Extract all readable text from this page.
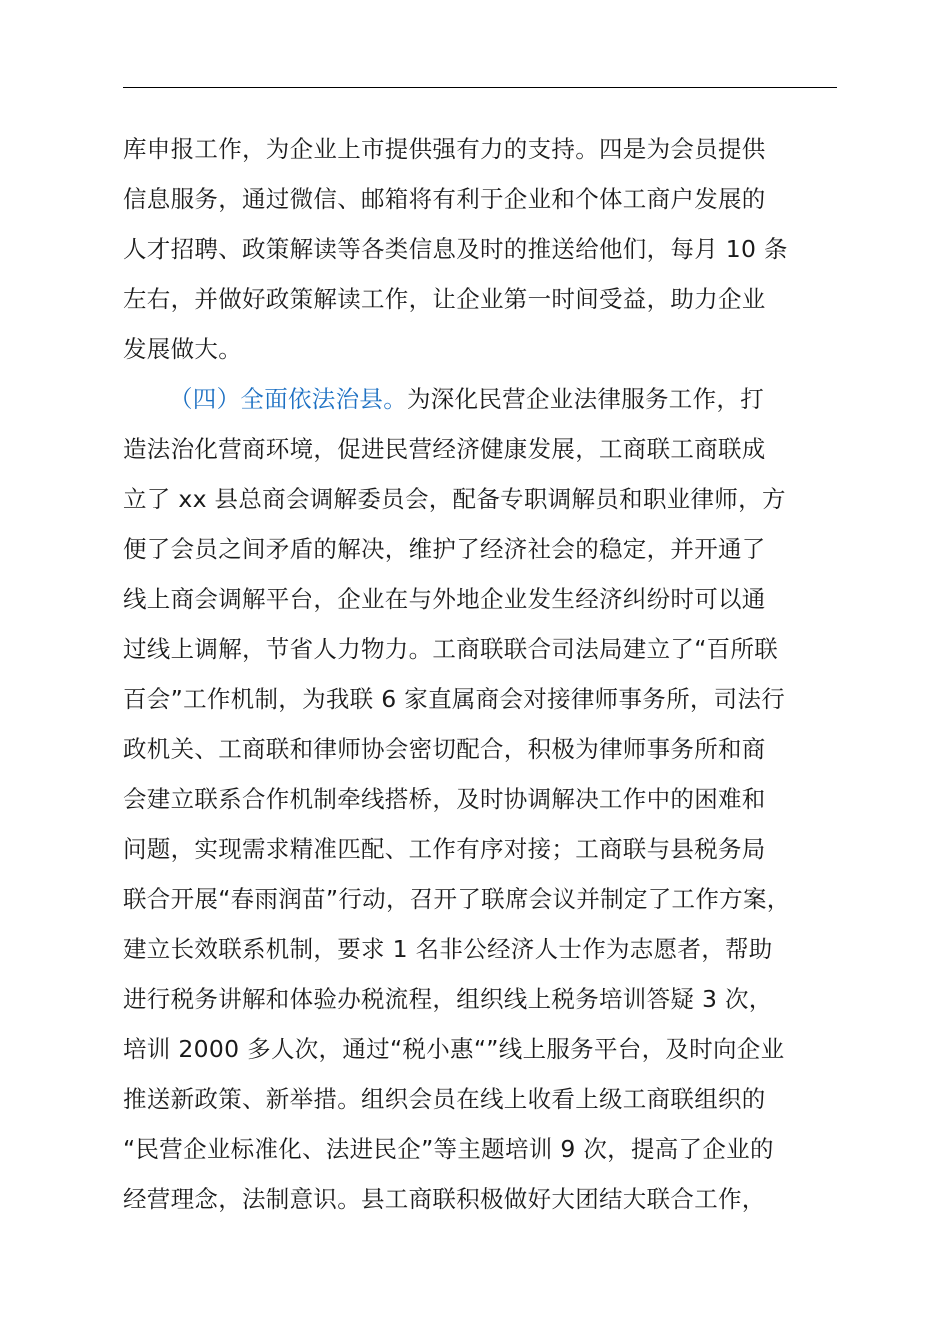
库申报工作，为企业上市提供强有力的支持。四是为会员提供
信息服务，通过微信、邮箱将有利于企业和个体工商户发展的
人才招聘、政策解读等各类信息及时的推送给他们，每月 10 条
左右，并做好政策解读工作，让企业第一时间受益，助力企业
发展做大。
（四）全面依法治县。为深化民营企业法律服务工作，打
造法治化营商环境，促进民营经济健康发展，工商联工商联成
立了 xx 县总商会调解委员会，配备专职调解员和职业律师，方
便了会员之间矛盾的解决，维护了经济社会的稳定，并开通了
线上商会调解平台，企业在与外地企业发生经济纠纷时可以通
过线上调解，节省人力物力。工商联联合司法局建立了“百所联
百会”工作机制，为我联 6 家直属商会对接律师事务所，司法行
政机关、工商联和律师协会密切配合，积极为律师事务所和商
会建立联系合作机制牵线搭桥，及时协调解决工作中的困难和
问题，实现需求精准匹配、工作有序对接；工商联与县税务局
联合开展“春雨润苗”行动，召开了联席会议并制定了工作方案，
建立长效联系机制，要求 1 名非公经济人士作为志愿者，帮助
进行税务讲解和体验办税流程，组织线上税务培训答疑 3 次，
培训 2000 多人次，通过“税小惠“”线上服务平台，及时向企业
推送新政策、新举措。组织会员在线上收看上级工商联组织的
“民营企业标准化、法进民企”等主题培训 9 次，提高了企业的
经营理念，法制意识。县工商联积极做好大团结大联合工作，
